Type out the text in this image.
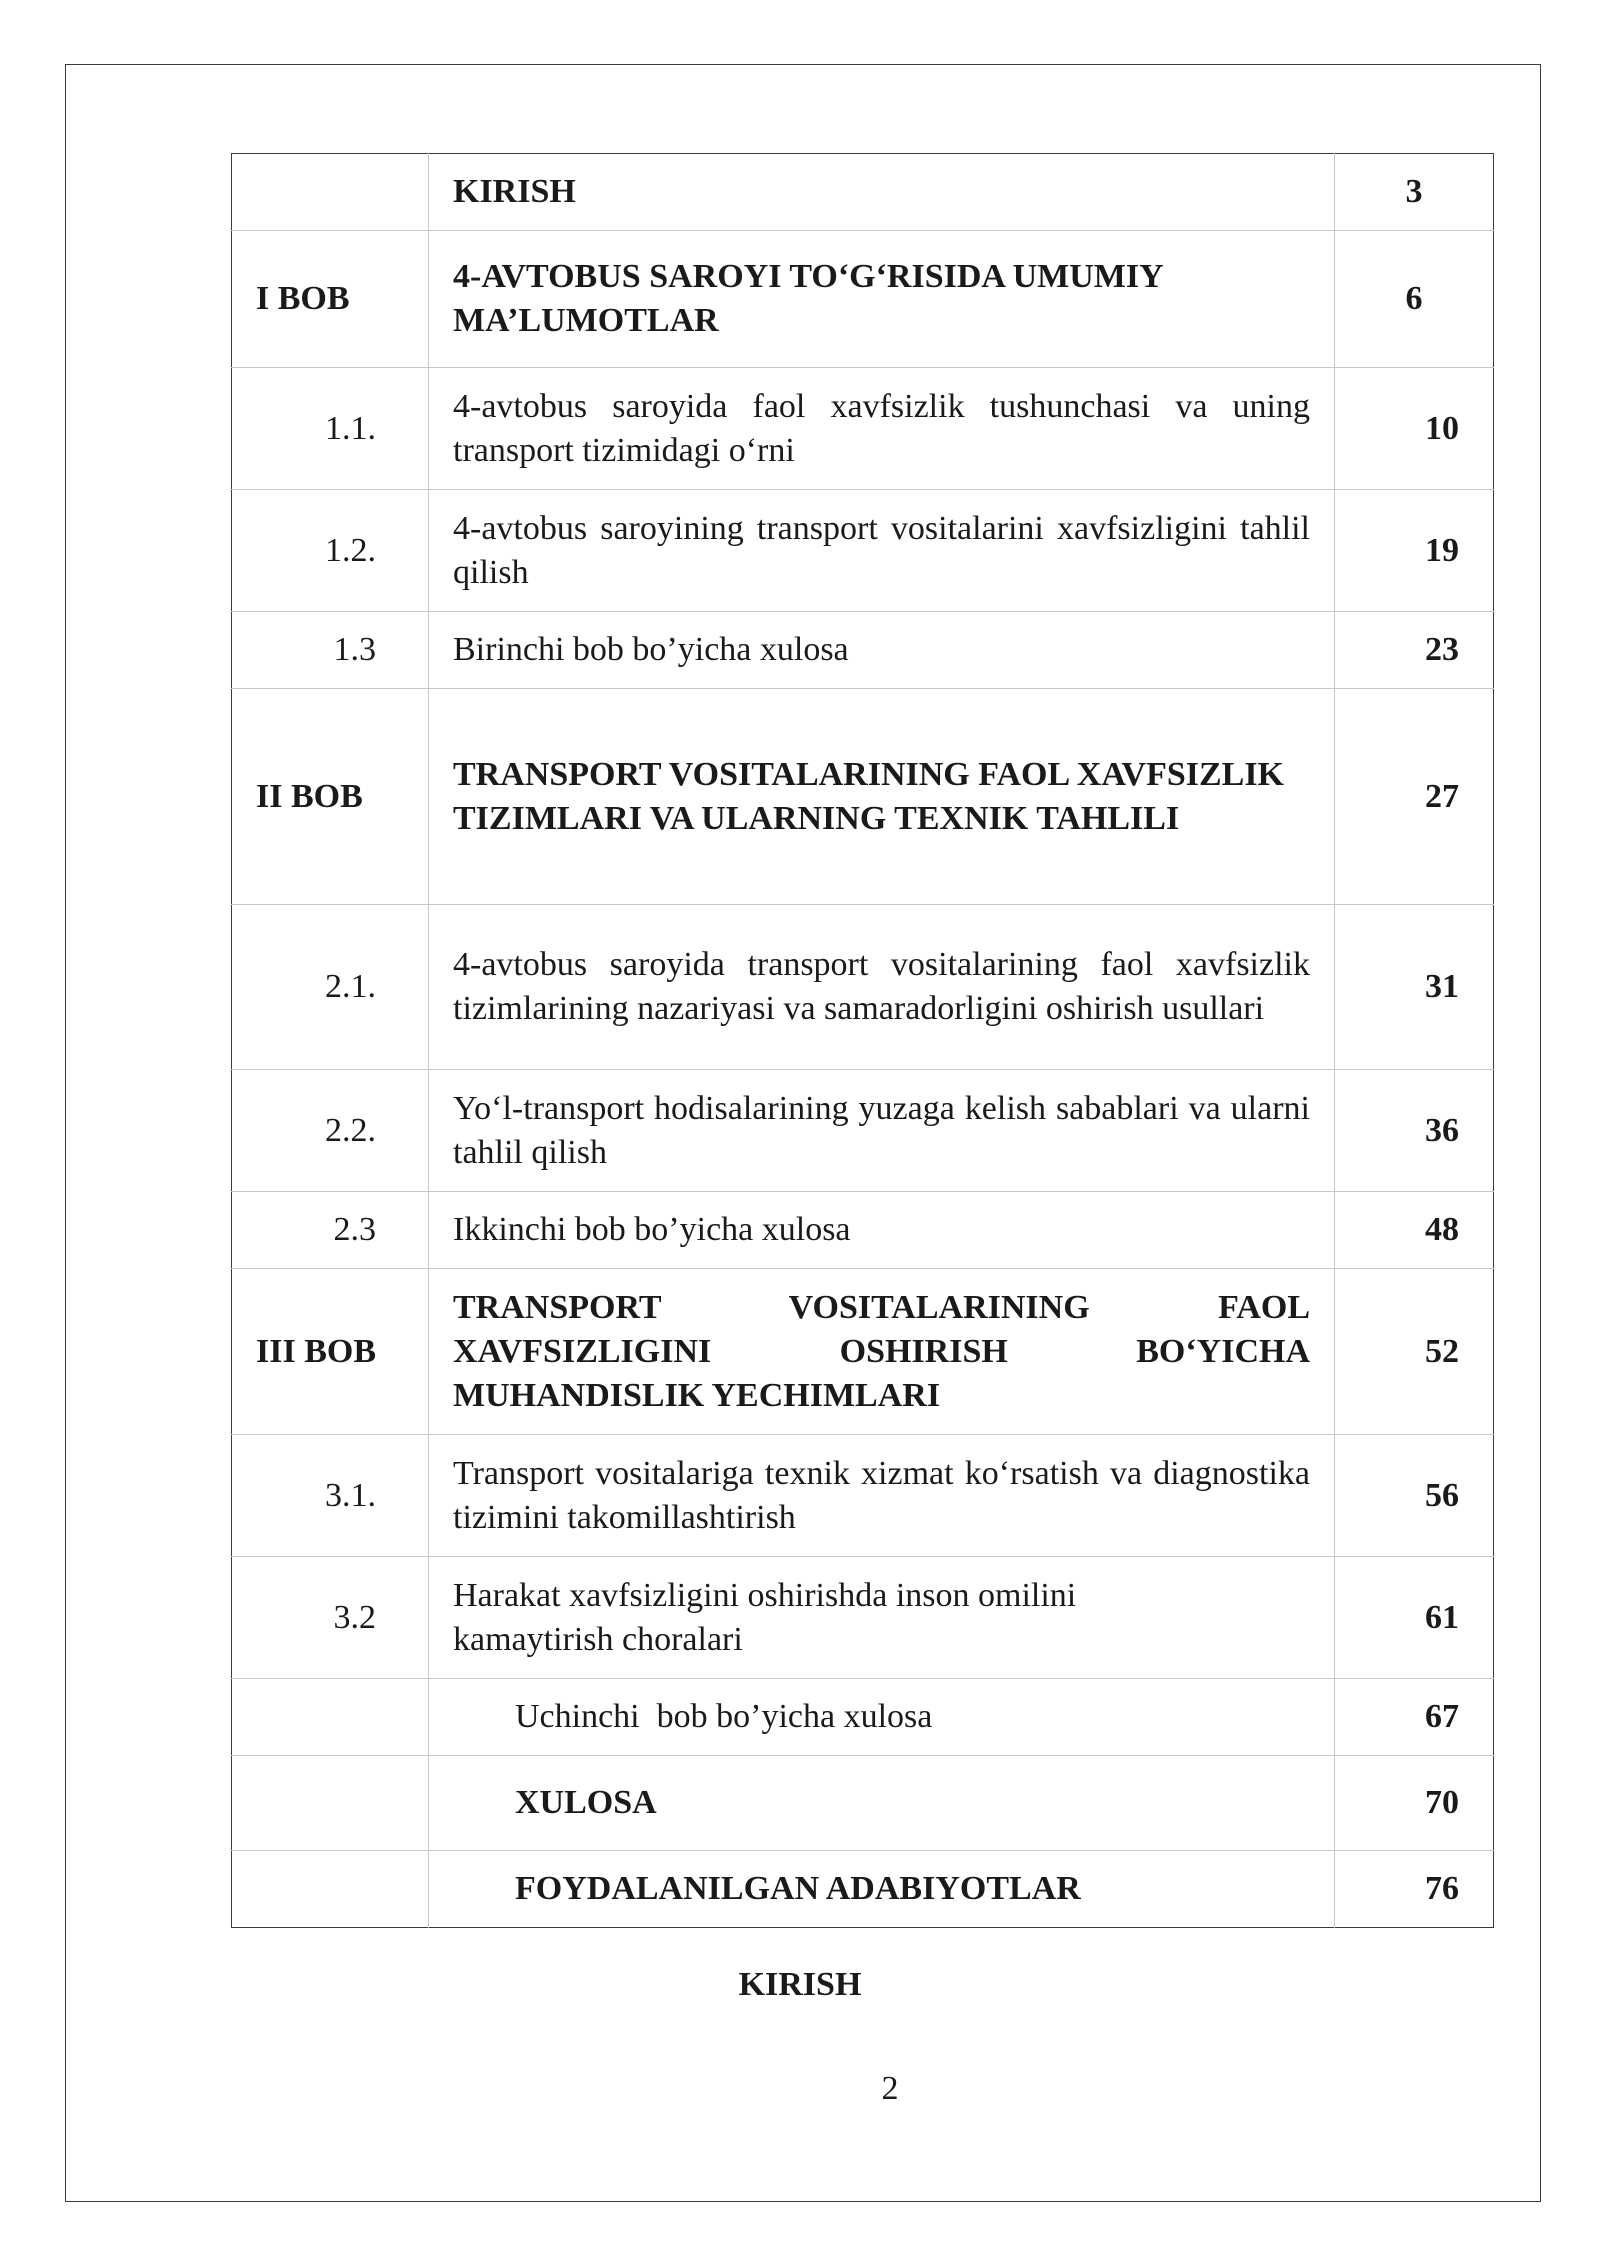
	KIRISH	3
I BOB	4-AVTOBUS SAROYI TO‘G‘RISIDA UMUMIY MA’LUMOTLAR	6
1.1.	4-avtobus saroyida faol xavfsizlik tushunchasi va uning transport tizimidagi o‘rni	10
1.2.	4-avtobus saroyining transport vositalarini xavfsizligini tahlil qilish	19
1.3	Birinchi bob bo’yicha xulosa	23
II BOB	TRANSPORT VOSITALARINING FAOL XAVFSIZLIK TIZIMLARI VA ULARNING TEXNIK TAHLILI	27
2.1.	4-avtobus saroyida transport vositalarining faol xavfsizlik tizimlarining nazariyasi va samaradorligini oshirish usullari	31
2.2.	Yo‘l-transport hodisalarining yuzaga kelish sabablari va ularni tahlil qilish	36
2.3	Ikkinchi bob bo’yicha xulosa	48
III BOB	TRANSPORT VOSITALARINING FAOL XAVFSIZLIGINI OSHIRISH BO‘YICHA MUHANDISLIK YECHIMLARI	52
3.1.	Transport vositalariga texnik xizmat ko‘rsatish va diagnostika tizimini takomillashtirish	56
3.2	Harakat xavfsizligini oshirishda inson omilini kamaytirish choralari	61
	Uchinchi  bob bo’yicha xulosa	67
	XULOSA	70
	FOYDALANILGAN ADABIYOTLAR	76
KIRISH
2
